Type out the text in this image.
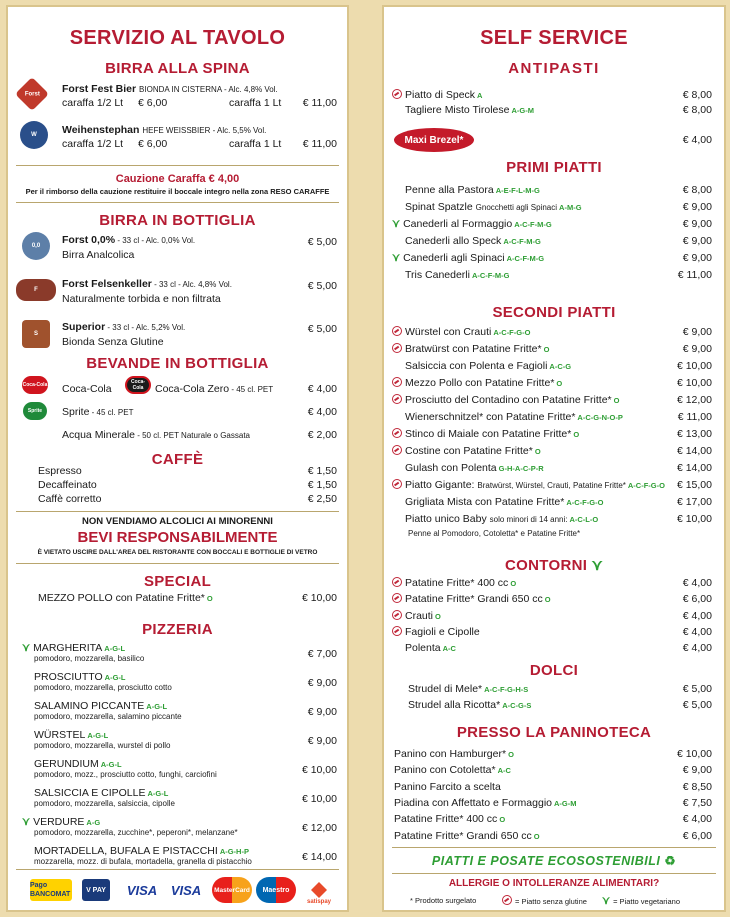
SERVIZIO AL TAVOLO
BIRRA ALLA SPINA
Forst Forst Fest Bier BIONDA IN CISTERNA - Alc. 4,8% Vol.
caraffa 1/2 Lt € 6,00	caraffa 1 Lt € 11,00
W Weihenstephan HEFE WEISSBIER - Alc. 5,5% Vol.
caraffa 1/2 Lt € 6,00	caraffa 1 Lt € 11,00
Cauzione Caraffa € 4,00
Per il rimborso della cauzione restituire il boccale integro nella zona RESO CARAFFE
BIRRA IN BOTTIGLIA
0,0 Forst 0,0% - 33 cl - Alc. 0,0% Vol.
Birra Analcolica
€ 5,00
F Forst Felsenkeller - 33 cl - Alc. 4,8% Vol.
Naturalmente torbida e non filtrata
€ 5,00
S
Superior - 33 cl - Alc. 5,2% Vol.
Bionda Senza Glutine
€ 5,00
BEVANDE IN BOTTIGLIA
Coca-Cola Coca-Cola
Coca-Cola	Coca-Cola Zero - 45 cl. PET	€ 4,00
Sprite Sprite - 45 cl. PET	€ 4,00
Acqua Minerale - 50 cl. PET Naturale o Gassata	€ 2,00
CAFFÈ
Espresso	€ 1,50
Decaffeinato	€ 1,50
Caffè corretto	€ 2,50
NON VENDIAMO ALCOLICI AI MINORENNI
BEVI RESPONSABILMENTE
È VIETATO USCIRE DALL'AREA DEL RISTORANTE CON BOCCALI E BOTTIGLIE DI VETRO
SPECIAL
MEZZO POLLO con Patatine Fritte* O	€ 10,00
PIZZERIA
⋎ MARGHERITA A-G-L
pomodoro, mozzarella, basilico	€ 7,00
PROSCIUTTO A-G-L
pomodoro, mozzarella, prosciutto cotto	€ 9,00
SALAMINO PICCANTE A-G-L
pomodoro, mozzarella, salamino piccante	€ 9,00
WÜRSTEL A-G-L
pomodoro, mozzarella, wurstel di pollo	€ 9,00
GERUNDIUM A-G-L
pomodoro, mozz., prosciutto cotto, funghi, carciofini	€ 10,00
SALSICCIA E CIPOLLE A-G-L
pomodoro, mozzarella, salsiccia, cipolle	€ 10,00
⋎ VERDURE A-G
pomodoro, mozzarella, zucchine*, peperoni*, melanzane*	€ 12,00
MORTADELLA, BUFALA E PISTACCHI A-G-H-P
mozzarella, mozz. di bufala, mortadella, granella di pistacchio	€ 14,00
Pago BANCOMAT
V PAY VISA VISA MasterCard Maestro
satispay
SELF SERVICE
ANTIPASTI
Piatto di Speck A	€ 8,00
Tagliere Misto Tirolese A-G-M	€ 8,00
Maxi Brezel*	€ 4,00
PRIMI PIATTI
Penne alla Pastora A-E-F-L-M-G	€ 8,00
Spinat Spatzle Gnocchetti agli Spinaci A-M-G	€ 9,00
⋎ Canederli al Formaggio A-C-F-M-G	€ 9,00
Canederli allo Speck A-C-F-M-G	€ 9,00
⋎ Canederli agli Spinaci A-C-F-M-G	€ 9,00
Tris Canederli A-C-F-M-G	€ 11,00
SECONDI PIATTI
Würstel con Crauti A-C-F-G-O	€ 9,00
Bratwürst con Patatine Fritte* O	€ 9,00
Salsiccia con Polenta e Fagioli A-C-G	€ 10,00
Mezzo Pollo con Patatine Fritte* O	€ 10,00
Prosciutto del Contadino con Patatine Fritte* O	€ 12,00
Wienerschnitzel* con Patatine Fritte* A-C-G-N-O-P	€ 11,00
Stinco di Maiale con Patatine Fritte* O	€ 13,00
Costine con Patatine Fritte* O	€ 14,00
Gulash con Polenta G-H-A-C-P-R	€ 14,00
Piatto Gigante: Bratwürst, Würstel, Crauti, Patatine Fritte* A-C-F-G-O € 15,00
Grigliata Mista con Patatine Fritte* A-C-F-G-O	€ 17,00
Piatto unico Baby solo minori di 14 anni: A-C-L-O	€ 10,00
Penne al Pomodoro, Cotoletta* e Patatine Fritte*
CONTORNI ⋎
Patatine Fritte* 400 cc O	€ 4,00
Patatine Fritte* Grandi 650 cc O	€ 6,00
Crauti O	€ 4,00
Fagioli e Cipolle	€ 4,00
Polenta A-C	€ 4,00
DOLCI
Strudel di Mele* A-C-F-G-H-S	€ 5,00
Strudel alla Ricotta* A-C-G-S	€ 5,00
PRESSO LA PANINOTECA
Panino con Hamburger* O	€ 10,00
Panino con Cotoletta* A-C	€ 9,00
Panino Farcito a scelta	€ 8,50
Piadina con Affettato e Formaggio A-G-M	€ 7,50
Patatine Fritte* 400 cc O	€ 4,00
Patatine Fritte* Grandi 650 cc O	€ 6,00
PIATTI E POSATE ECOSOSTENIBILI ♻
ALLERGIE O INTOLLERANZE ALIMENTARI?
* Prodotto surgelato	= Piatto senza glutine ⋎ = Piatto vegetariano
